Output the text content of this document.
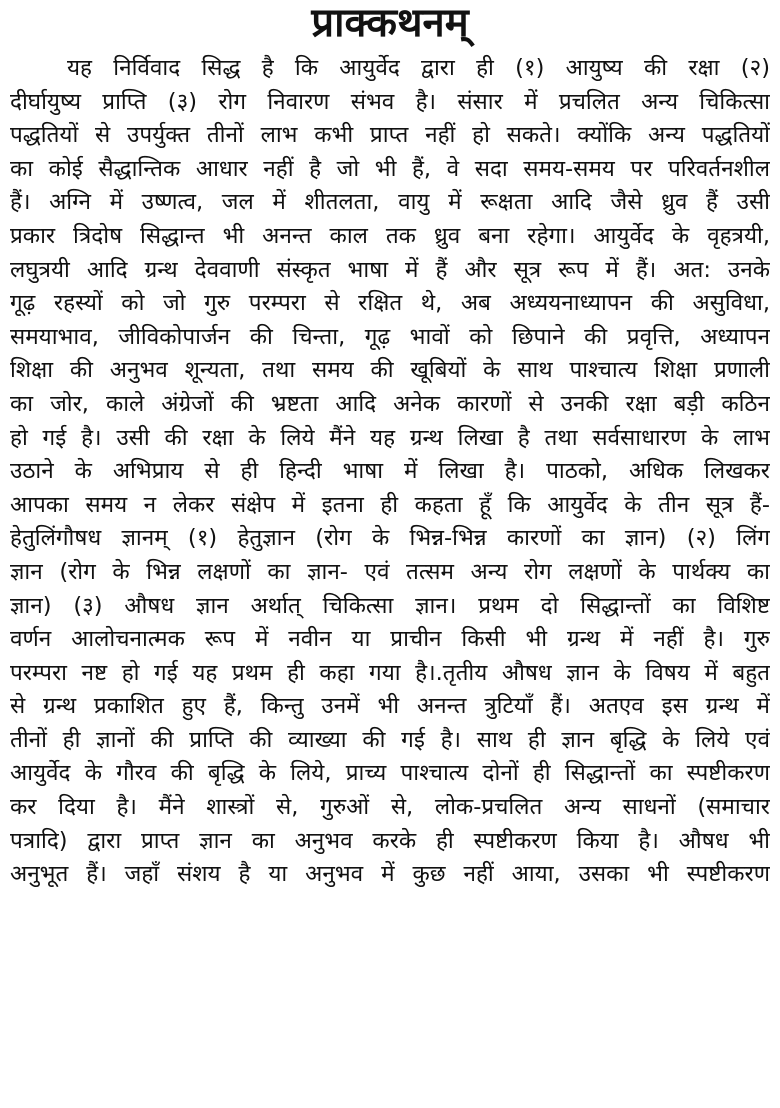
प्राक्कथनम्
यह निर्विवाद सिद्ध है कि आयुर्वेद द्वारा ही (१) आयुष्य की रक्षा (२)
दीर्घायुष्य प्राप्ति (३) रोग निवारण संभव है। संसार में प्रचलित अन्य चिकित्सा
पद्धतियों से उपर्युक्त तीनों लाभ कभी प्राप्त नहीं हो सकते। क्योंकि अन्य पद्धतियों
का कोई सैद्धान्तिक आधार नहीं है जो भी हैं, वे सदा समय-समय पर परिवर्तनशील
हैं। अग्नि में उष्णत्व, जल में शीतलता, वायु में रूक्षता आदि जैसे ध्रुव हैं उसी
प्रकार त्रिदोष सिद्धान्त भी अनन्त काल तक ध्रुव बना रहेगा। आयुर्वेद के वृहत्रयी,
लघुत्रयी आदि ग्रन्थ देववाणी संस्कृत भाषा में हैं और सूत्र रूप में हैं। अत: उनके
गूढ़ रहस्यों को जो गुरु परम्परा से रक्षित थे, अब अध्ययनाध्यापन की असुविधा,
समयाभाव, जीविकोपार्जन की चिन्ता, गूढ़ भावों को छिपाने की प्रवृत्ति, अध्यापन
शिक्षा की अनुभव शून्यता, तथा समय की खूबियों के साथ पाश्चात्य शिक्षा प्रणाली
का जोर, काले अंग्रेजों की भ्रष्टता आदि अनेक कारणों से उनकी रक्षा बड़ी कठिन
हो गई है। उसी की रक्षा के लिये मैंने यह ग्रन्थ लिखा है तथा सर्वसाधारण के लाभ
उठाने के अभिप्राय से ही हिन्दी भाषा में लिखा है। पाठको, अधिक लिखकर
आपका समय न लेकर संक्षेप में इतना ही कहता हूँ कि आयुर्वेद के तीन सूत्र हैं-
हेतुलिंगौषध ज्ञानम् (१) हेतुज्ञान (रोग के भिन्न-भिन्न कारणों का ज्ञान) (२) लिंग
ज्ञान (रोग के भिन्न लक्षणों का ज्ञान- एवं तत्सम अन्य रोग लक्षणों के पार्थक्य का
ज्ञान) (३) औषध ज्ञान अर्थात् चिकित्सा ज्ञान। प्रथम दो सिद्धान्तों का विशिष्ट
वर्णन आलोचनात्मक रूप में नवीन या प्राचीन किसी भी ग्रन्थ में नहीं है। गुरु
परम्परा नष्ट हो गई यह प्रथम ही कहा गया है।.तृतीय औषध ज्ञान के विषय में बहुत
से ग्रन्थ प्रकाशित हुए हैं, किन्तु उनमें भी अनन्त त्रुटियाँ हैं। अतएव इस ग्रन्थ में
तीनों ही ज्ञानों की प्राप्ति की व्याख्या की गई है। साथ ही ज्ञान बृद्धि के लिये एवं
आयुर्वेद के गौरव की बृद्धि के लिये, प्राच्य पाश्चात्य दोनों ही सिद्धान्तों का स्पष्टीकरण
कर दिया है। मैंने शास्त्रों से, गुरुओं से, लोक-प्रचलित अन्य साधनों (समाचार
पत्रादि) द्वारा प्राप्त ज्ञान का अनुभव करके ही स्पष्टीकरण किया है। औषध भी
अनुभूत हैं। जहाँ संशय है या अनुभव में कुछ नहीं आया, उसका भी स्पष्टीकरण
